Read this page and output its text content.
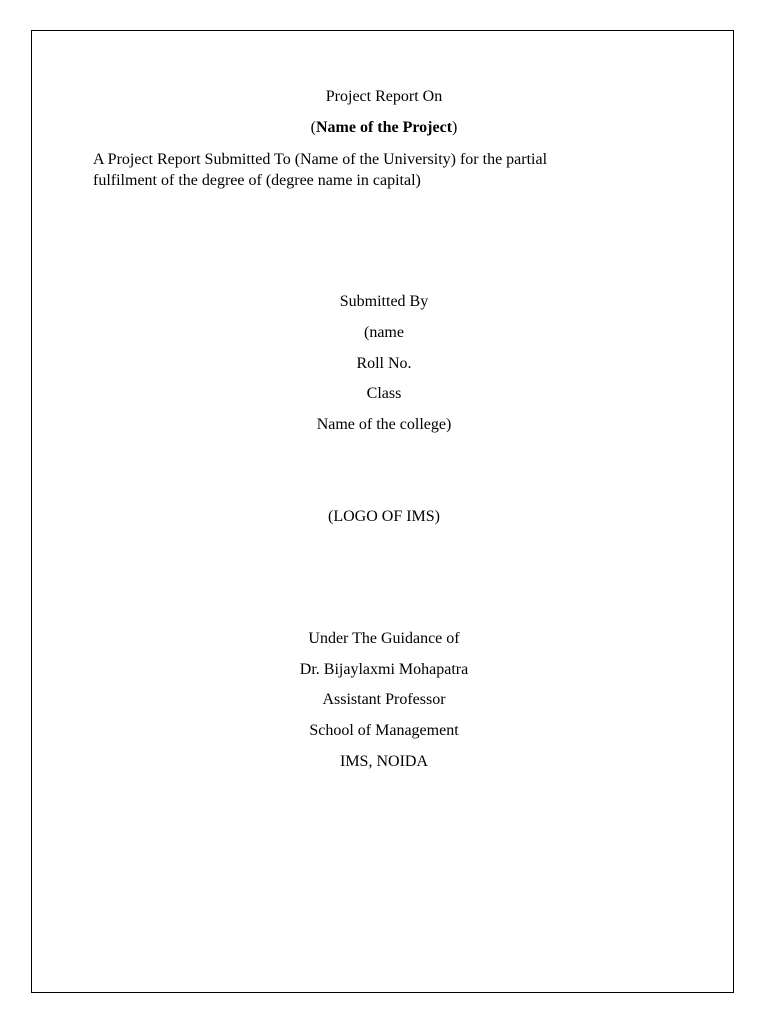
Project Report On
(Name of the Project)
A Project Report Submitted To (Name of the University) for the partial
fulfilment of the degree of (degree name in capital)
Submitted By
(name
Roll No.
Class
Name of the college)
(LOGO OF IMS)
Under The Guidance of
Dr. Bijaylaxmi Mohapatra
Assistant Professor
School of Management
IMS, NOIDA
